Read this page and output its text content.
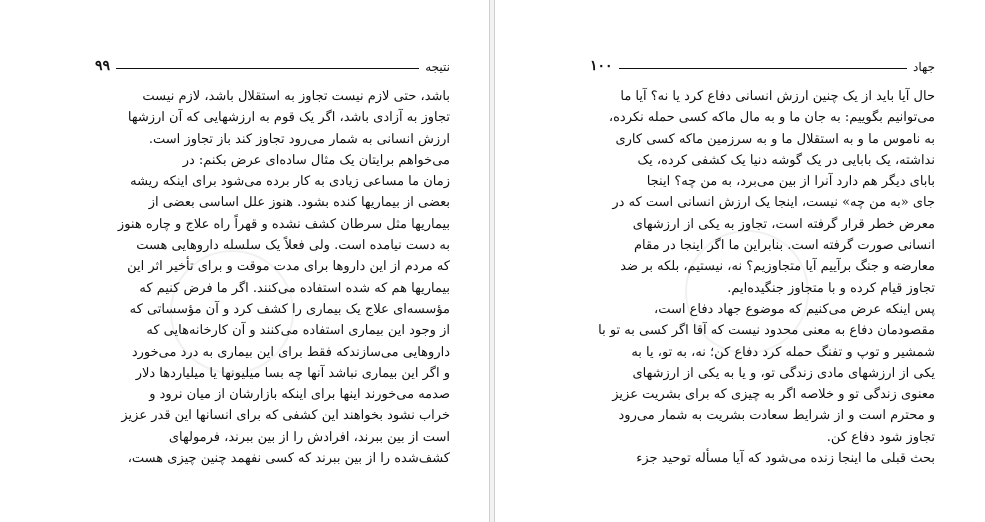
نتیجه
۹۹
باشد، حتی لازم نیست تجاوز به استقلال باشد، لازم نیست
تجاوز به آزادی باشد، اگر یک قوم به ارزشهایی که آن ارزشها
ارزش انسانی به شمار می‌رود تجاوز کند باز تجاوز است.
می‌خواهم برایتان یک مثال ساده‌ای عرض بکنم: در
زمان ما مساعی زیادی به کار برده می‌شود برای اینکه ریشه
بعضی از بیماریها کنده بشود. هنوز علل اساسی بعضی از
بیماریها مثل سرطان کشف نشده و قهراً راه علاج و چاره هنوز
به دست نیامده است. ولی فعلاً یک سلسله داروهایی هست
که مردم از این داروها برای مدت موقت و برای تأخیر اثر این
بیماریها هم که شده استفاده می‌کنند. اگر ما فرض کنیم که
مؤسسه‌ای علاج یک بیماری را کشف کرد و آن مؤسساتی که
از وجود این بیماری استفاده می‌کنند و آن کارخانه‌هایی که
داروهایی می‌سازندکه فقط برای این بیماری به درد می‌خورد
و اگر این بیماری نباشد آنها چه بسا میلیونها یا میلیاردها دلار
صدمه می‌خورند اینها برای اینکه بازارشان از میان نرود و
خراب نشود بخواهند این کشفی که برای انسانها این قدر عزیز
است از بین ببرند، افرادش را از بین ببرند، فرمولهای
کشف‌شده را از بین ببرند که کسی نفهمد چنین چیزی هست،
جهاد
۱۰۰
حال آیا باید از یک چنین ارزش انسانی دفاع کرد یا نه؟ آیا ما
می‌توانیم بگوییم: به جان ما و به مال ماکه کسی حمله نکرده،
به ناموس ما و به استقلال ما و به سرزمین ماکه کسی کاری
نداشته، یک بابایی در یک گوشه دنیا یک کشفی کرده، یک
بابای دیگر هم دارد آنرا از بین می‌برد، به من چه؟ اینجا
جای «به من چه» نیست، اینجا یک ارزش انسانی است که در
معرض خطر قرار گرفته است، تجاوز به یکی از ارزشهای
انسانی صورت گرفته است. بنابراین ما اگر اینجا در مقام
معارضه و جنگ برآییم آیا متجاوزیم؟ نه، نیستیم، بلکه بر ضد
تجاوز قیام کرده و با متجاوز جنگیده‌ایم.
پس اینکه عرض می‌کنیم که موضوع جهاد دفاع است،
مقصودمان دفاع به معنی محدود نیست که آقا اگر کسی به تو با
شمشیر و توپ و تفنگ حمله کرد دفاع کن؛ نه، به تو، یا به
یکی از ارزشهای مادی زندگی تو، و یا به یکی از ارزشهای
معنوی زندگی تو و خلاصه اگر به چیزی که برای بشریت عزیز
و محترم است و از شرایط سعادت بشریت به شمار می‌رود
تجاوز شود دفاع کن.
بحث قبلی ما اینجا زنده می‌شود که آیا مسأله توحید جزء
